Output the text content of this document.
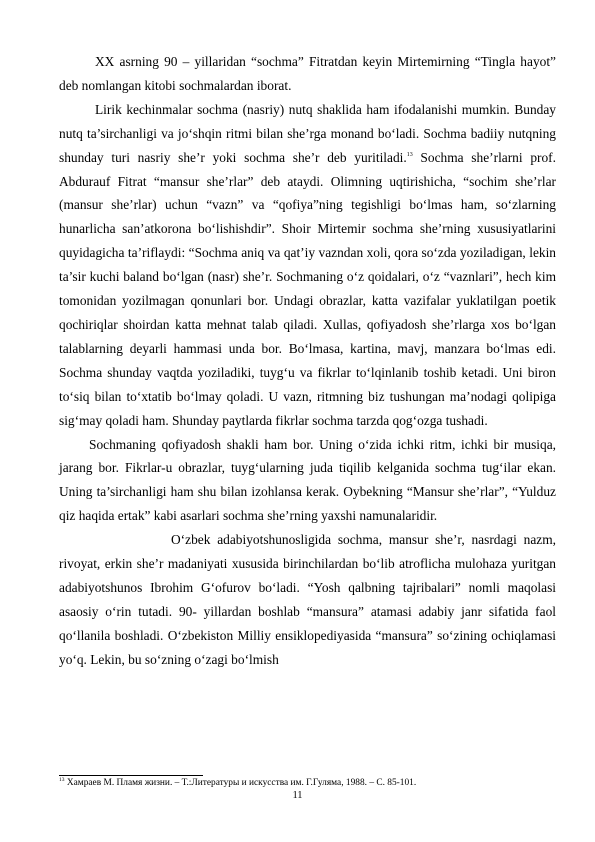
XX asrning 90 – yillaridan “sochma” Fitratdan keyin Mirtemirning “Tingla hayot” deb nomlangan kitobi sochmalardan iborat.

Lirik kechinmalar sochma (nasriy) nutq shaklida ham ifodalanishi mumkin. Bunday nutq ta’sirchanligi va jo‘shqin ritmi bilan she’rga monand bo‘ladi. Sochma badiiy nutqning shunday turi nasriy she’r yoki sochma she’r deb yuritiladi.$^{13}$ Sochma she’rlarni prof. Abdurauf Fitrat “mansur she’rlar” deb ataydi. Olimning uqtirishicha, “sochim she’rlar (mansur she’rlar) uchun “vazn” va “qofiya”ning tegishligi bo‘lmas ham, so‘zlarning hunarlicha san’atkorona bo‘lishishdir”. Shoir Mirtemir sochma she’rning xususiyatlarini quyidagicha ta’riflaydi: “Sochma aniq va qat’iy vazndan xoli, qora so‘zda yoziladigan, lekin ta’sir kuchi baland bo‘lgan (nasr) she’r. Sochmaning o‘z qoidalari, o‘z “vaznlari”, hech kim tomonidan yozilmagan qonunlari bor. Undagi obrazlar, katta vazifalar yuklatilgan poetik qochiriqlar shoirdan katta mehnat talab qiladi. Xullas, qofiyadosh she’rlarga xos bo‘lgan talablarning deyarli hammasi unda bor. Bo‘lmasa, kartina, mavj, manzara bo‘lmas edi. Sochma shunday vaqtda yoziladiki, tuyg‘u va fikrlar to‘lqinlanib toshib ketadi. Uni biron to‘siq bilan to‘xtatib bo‘lmay qoladi. U vazn, ritmning biz tushungan ma’nodagi qolipiga sig‘may qoladi ham. Shunday paytlarda fikrlar sochma tarzda qog‘ozga tushadi.

Sochmaning qofiyadosh shakli ham bor. Uning o‘zida ichki ritm, ichki bir musiqa, jarang bor. Fikrlar-u obrazlar, tuyg‘ularning juda tiqilib kelganida sochma tug‘ilar ekan. Uning ta’sirchanligi ham shu bilan izohlansa kerak. Oybekning “Mansur she’rlar”, “Yulduz qiz haqida ertak” kabi asarlari sochma she’rning yaxshi namunalaridir.

O‘zbek adabiyotshunosligida sochma, mansur she’r, nasrdagi nazm, rivoyat, erkin she’r madaniyati xususida birinchilardan bo‘lib atroflicha mulohaza yuritgan adabiyotshunos Ibrohim G‘ofurov bo‘ladi. “Yosh qalbning tajribalari” nomli maqolasi asaosiy o‘rin tutadi. 90- yillardan boshlab “mansura” atamasi adabiy janr sifatida faol qo‘llanila boshladi. O‘zbekiston Milliy ensiklopediyasida “mansura” so‘zining ochiqlamasi yo‘q. Lekin, bu so‘zning o‘zagi bo‘lmish

$^{13}$ Хамраев М. Пламя жизни. – Т.:Литературы и искусства им. Г.Гуляма, 1988. – С. 85-101.
11
